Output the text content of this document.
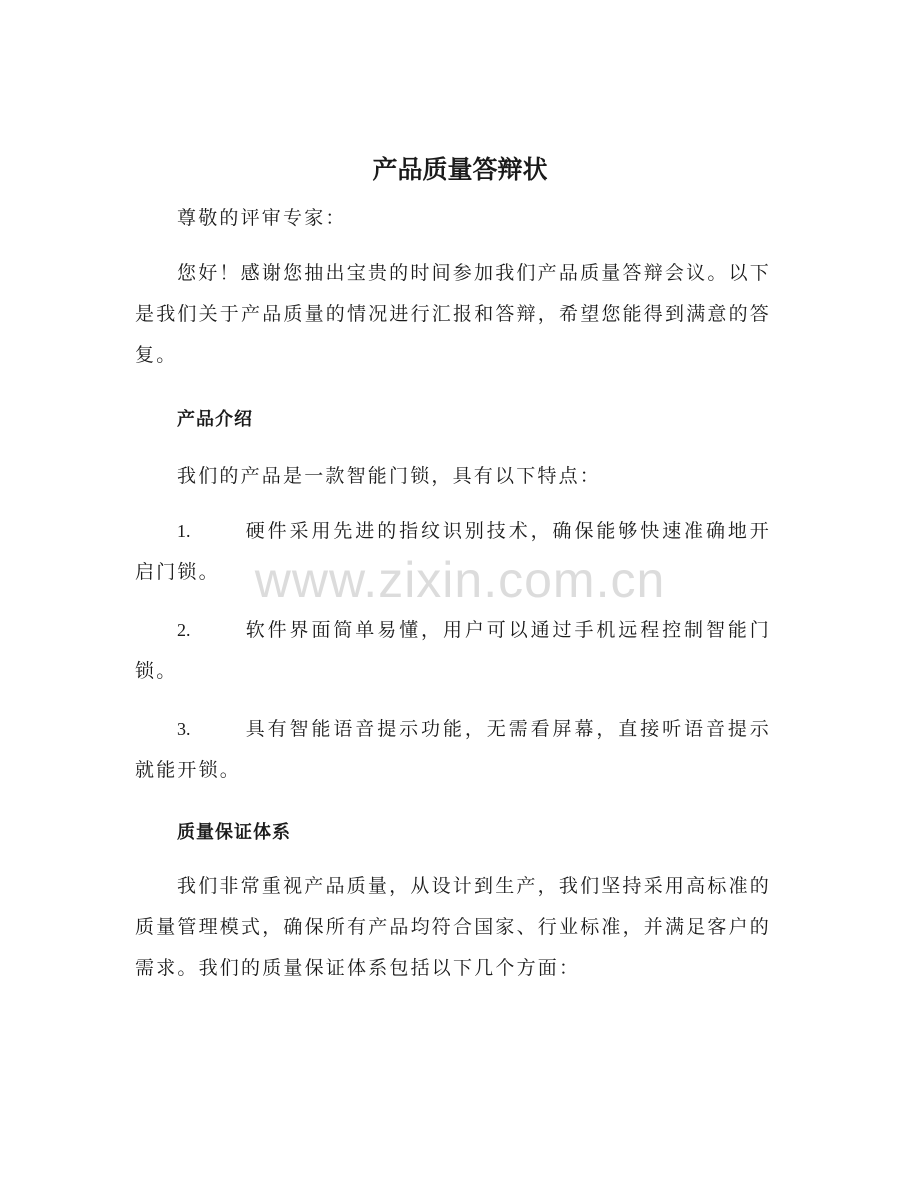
产品质量答辩状

尊敬的评审专家：

您好！感谢您抽出宝贵的时间参加我们产品质量答辩会议。以下是我们关于产品质量的情况进行汇报和答辩，希望您能得到满意的答复。

产品介绍

我们的产品是一款智能门锁，具有以下特点：

1.	硬件采用先进的指纹识别技术，确保能够快速准确地开启门锁。

2.	软件界面简单易懂，用户可以通过手机远程控制智能门锁。

3.	具有智能语音提示功能，无需看屏幕，直接听语音提示就能开锁。

质量保证体系

我们非常重视产品质量，从设计到生产，我们坚持采用高标准的质量管理模式，确保所有产品均符合国家、行业标准，并满足客户的需求。我们的质量保证体系包括以下几个方面：

www.zixin.com.cn
